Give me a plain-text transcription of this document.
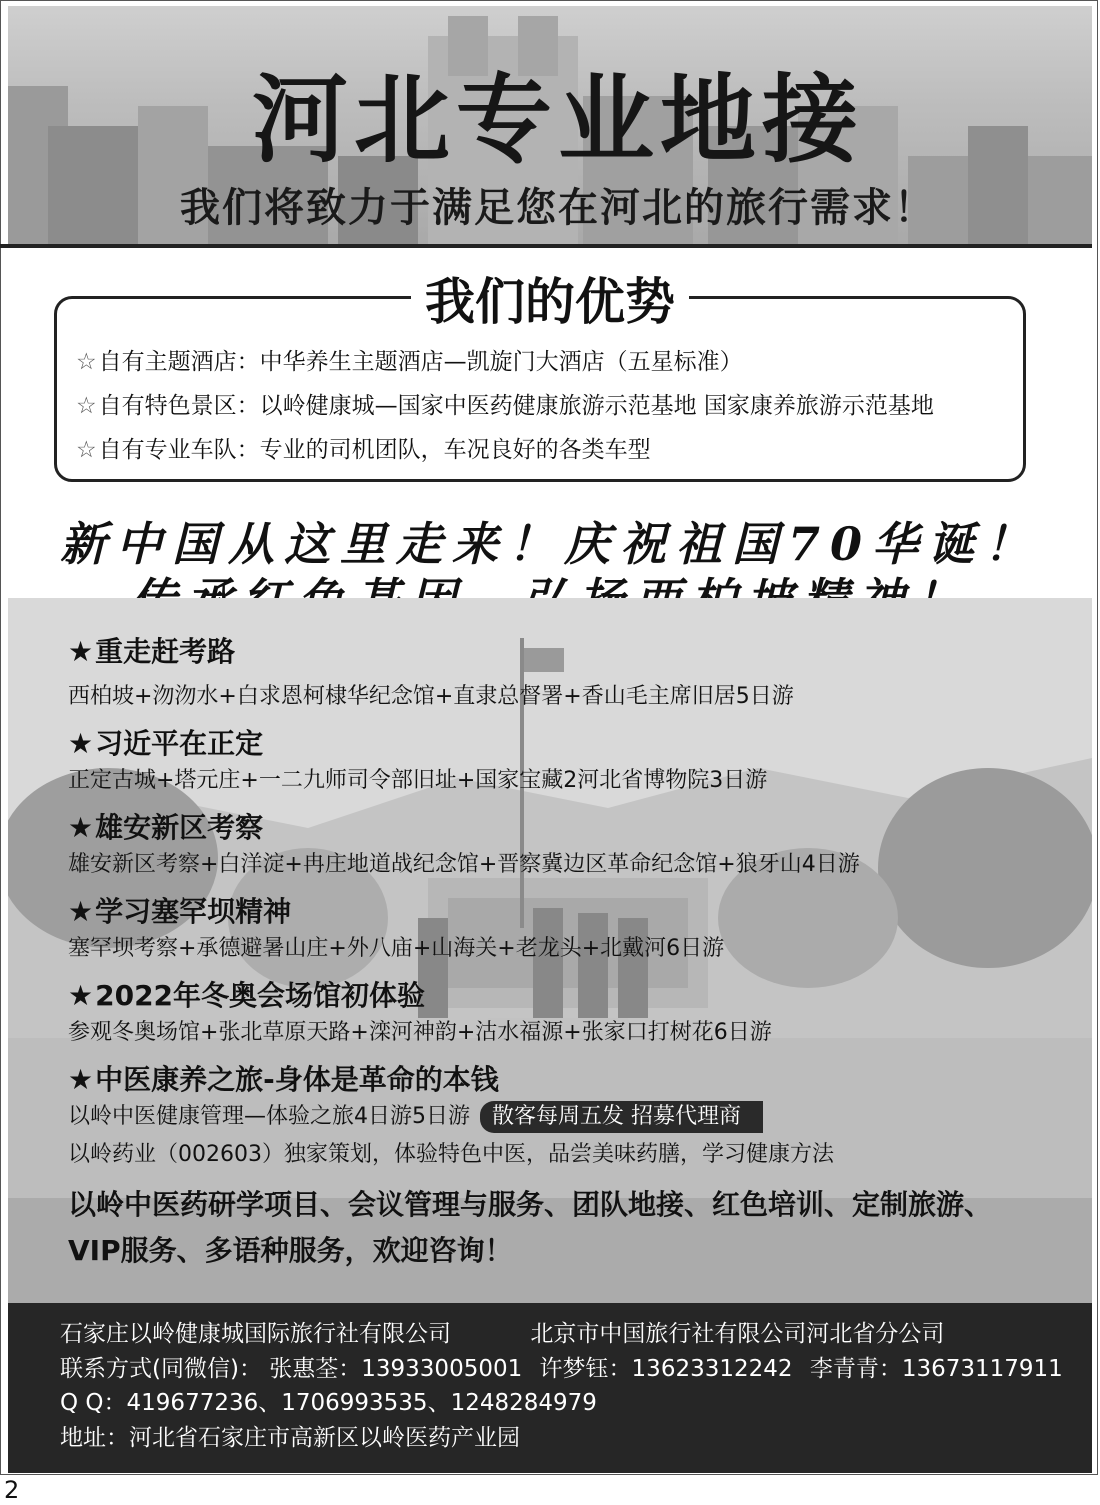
河北专业地接
我们将致力于满足您在河北的旅行需求！
我们的优势
☆自有主题酒店：中华养生主题酒店—凯旋门大酒店（五星标准）
☆自有特色景区：以岭健康城—国家中医药健康旅游示范基地 国家康养旅游示范基地
☆自有专业车队：专业的司机团队，车况良好的各类车型
新中国从这里走来！庆祝祖国70华诞！
★重走赶考路
西柏坡+沕沕水+白求恩柯棣华纪念馆+直隶总督署+香山毛主席旧居5日游
★习近平在正定
正定古城+塔元庄+一二九师司令部旧址+国家宝藏2河北省博物院3日游
★雄安新区考察
雄安新区考察+白洋淀+冉庄地道战纪念馆+晋察冀边区革命纪念馆+狼牙山4日游
★学习塞罕坝精神
塞罕坝考察+承德避暑山庄+外八庙+山海关+老龙头+北戴河6日游
★2022年冬奥会场馆初体验
参观冬奥场馆+张北草原天路+滦河神韵+沽水福源+张家口打树花6日游
★中医康养之旅-身体是革命的本钱
以岭中医健康管理—体验之旅4日游5日游 散客每周五发 招募代理商
以岭药业（002603）独家策划，体验特色中医，品尝美味药膳，学习健康方法
以岭中医药研学项目、会议管理与服务、团队地接、红色培训、定制旅游、VIP服务、多语种服务，欢迎咨询！
石家庄以岭健康城国际旅行社有限公司	北京市中国旅行社有限公司河北省分公司
联系方式(同微信)： 张惠荃：13933005001 许梦钰：13623312242 李青青：13673117911
Q Q：419677236、1706993535、1248284979
地址：河北省石家庄市高新区以岭医药产业园
2
